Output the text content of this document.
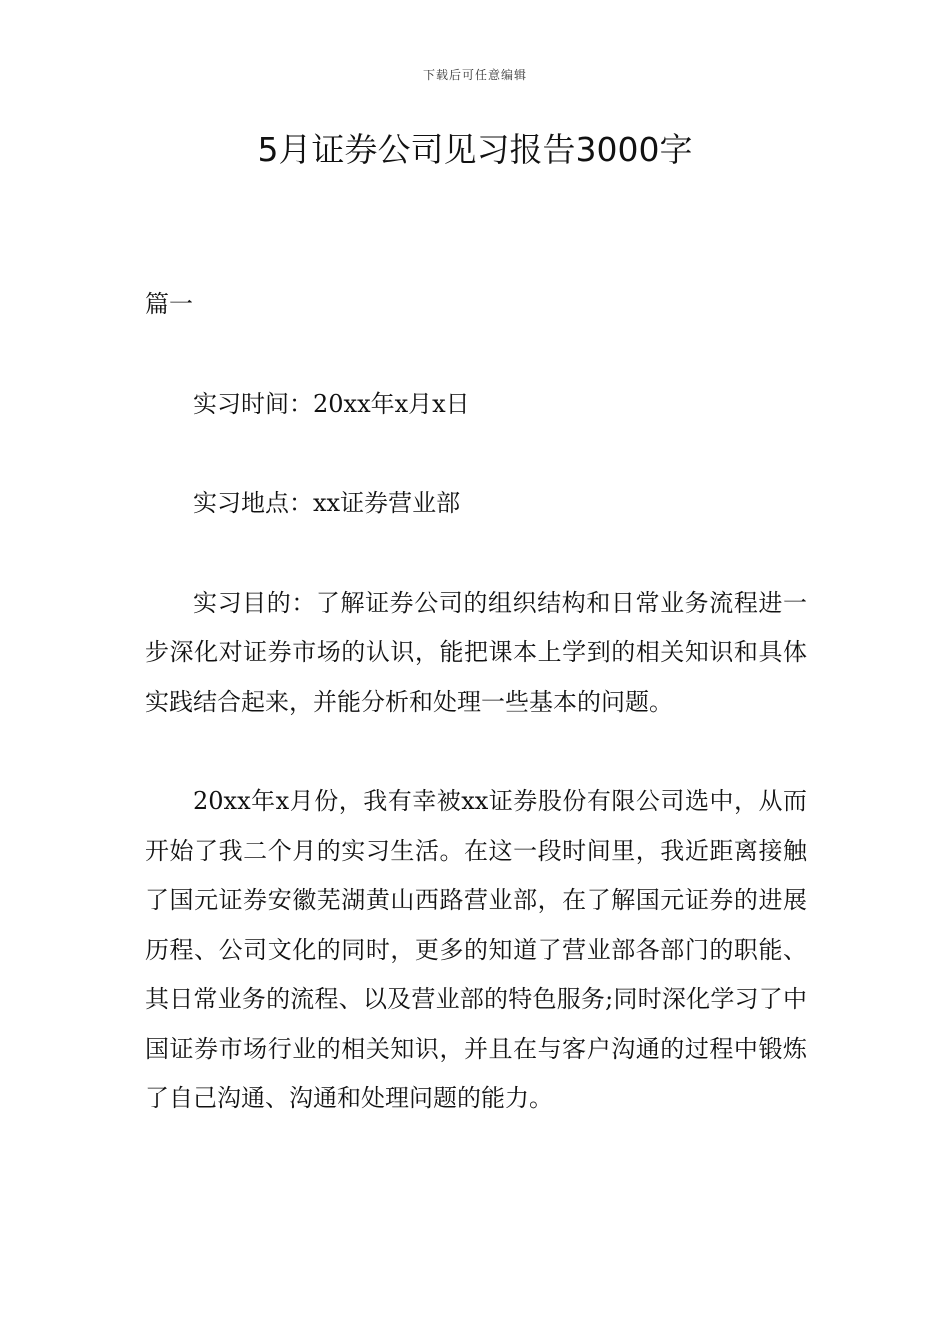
下载后可任意编辑
5月证券公司见习报告3000字

篇一

实习时间：20xx年x月x日

实习地点：xx证券营业部

实习目的：了解证券公司的组织结构和日常业务流程进一步深化对证券市场的认识，能把课本上学到的相关知识和具体实践结合起来，并能分析和处理一些基本的问题。

20xx年x月份，我有幸被xx证券股份有限公司选中，从而开始了我二个月的实习生活。在这一段时间里，我近距离接触了国元证券安徽芜湖黄山西路营业部，在了解国元证券的进展历程、公司文化的同时，更多的知道了营业部各部门的职能、其日常业务的流程、以及营业部的特色服务;同时深化学习了中国证券市场行业的相关知识，并且在与客户沟通的过程中锻炼了自己沟通、沟通和处理问题的能力。
